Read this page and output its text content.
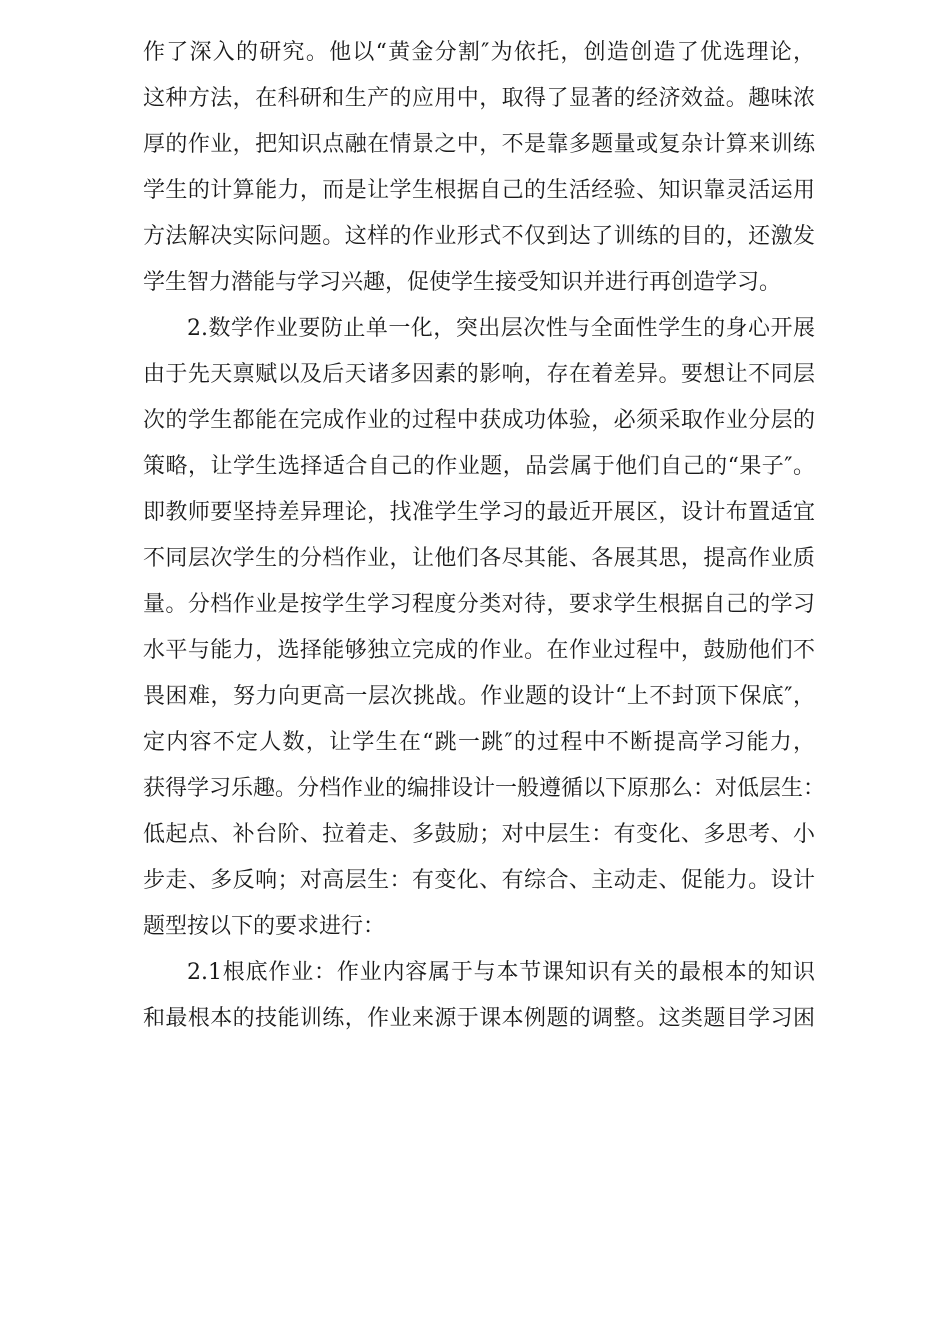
作了深入的研究。他以“黄金分割″为依托，创造创造了优选理论，
这种方法，在科研和生产的应用中，取得了显著的经济效益。趣味浓
厚的作业，把知识点融在情景之中，不是靠多题量或复杂计算来训练
学生的计算能力，而是让学生根据自己的生活经验、知识靠灵活运用
方法解决实际问题。这样的作业形式不仅到达了训练的目的，还激发
学生智力潜能与学习兴趣，促使学生接受知识并进行再创造学习。
2.数学作业要防止单一化，突出层次性与全面性学生的身心开展
由于先天禀赋以及后天诸多因素的影响，存在着差异。要想让不同层
次的学生都能在完成作业的过程中获成功体验，必须采取作业分层的
策略，让学生选择适合自己的作业题，品尝属于他们自己的“果子″。
即教师要坚持差异理论，找准学生学习的最近开展区，设计布置适宜
不同层次学生的分档作业，让他们各尽其能、各展其思，提高作业质
量。分档作业是按学生学习程度分类对待，要求学生根据自己的学习
水平与能力，选择能够独立完成的作业。在作业过程中，鼓励他们不
畏困难，努力向更高一层次挑战。作业题的设计“上不封顶下保底″，
定内容不定人数，让学生在“跳一跳″的过程中不断提高学习能力，
获得学习乐趣。分档作业的编排设计一般遵循以下原那么：对低层生：
低起点、补台阶、拉着走、多鼓励；对中层生：有变化、多思考、小
步走、多反响；对高层生：有变化、有综合、主动走、促能力。设计
题型按以下的要求进行：
2.1根底作业：作业内容属于与本节课知识有关的最根本的知识
和最根本的技能训练，作业来源于课本例题的调整。这类题目学习困
